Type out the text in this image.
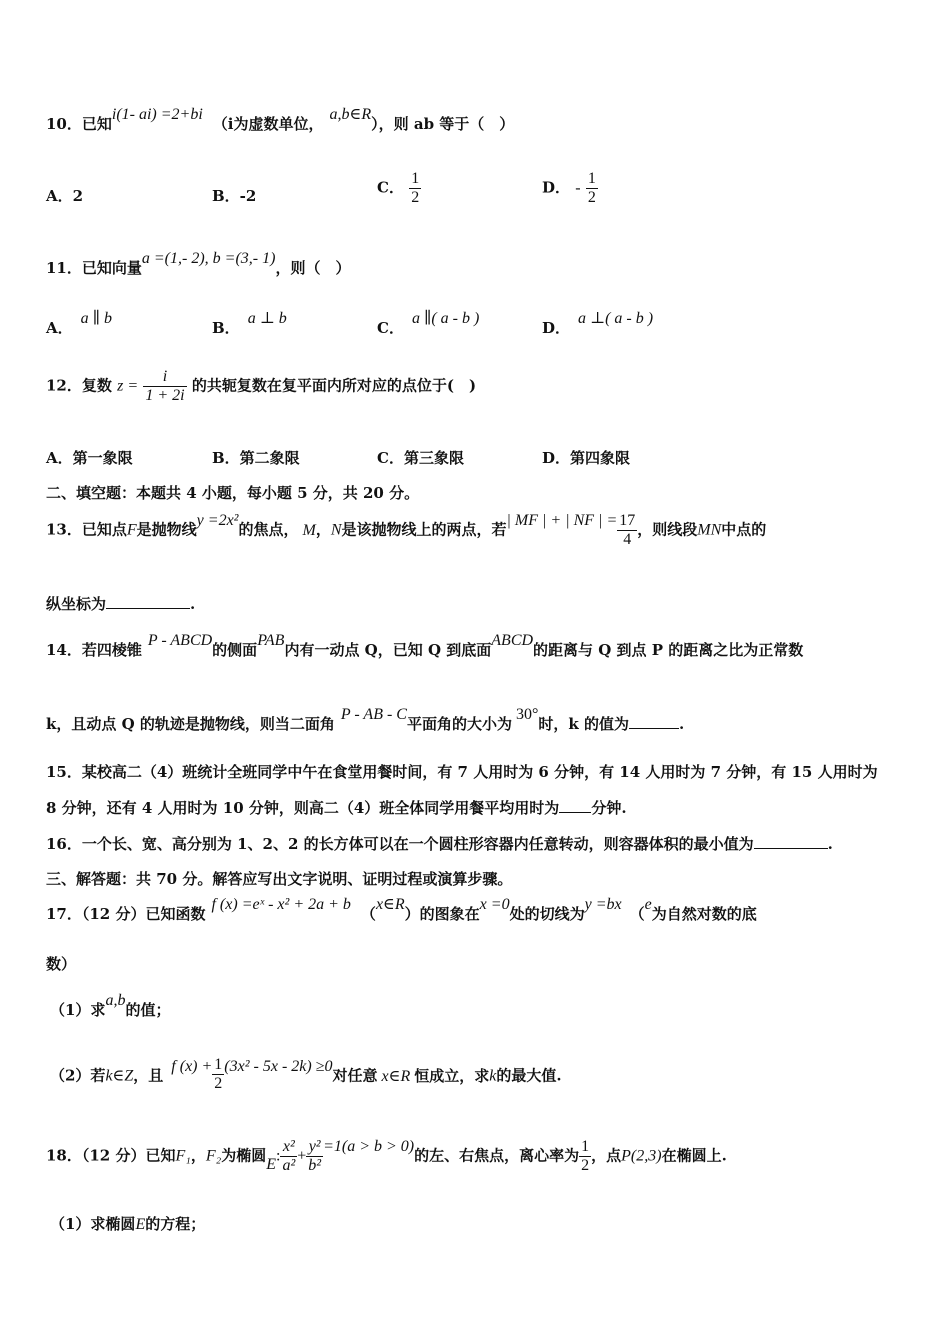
10．已知i(1- ai) =2+bi（i为虚数单位，a,b∈R），则 ab 等于（　）
A．2	B．-2	C． $\frac{1}{2}$	D． - $\frac{1}{2}$
11．已知向量a =(1,- 2), b =(3,- 1)，则（　）
A．a ∥ b
B．a ⊥ b
C．a ∥( a - b )
D．a ⊥( a - b )
12．复数 $z = \frac{i}{1 + 2i}$ 的共轭复数在复平面内所对应的点位于(　)
A．第一象限	B．第二象限	C．第三象限	D．第四象限
二、填空题：本题共 4 小题，每小题 5 分，共 20 分。
13．已知点F是抛物线y =2x²的焦点， M，N是该抛物线上的两点，若| MF | + | NF | = $\frac{17}{4}$ ，则线段MN中点的
纵坐标为	.
14．若四棱锥P - ABCD的侧面PAB内有一动点 Q，已知 Q 到底面ABCD的距离与 Q 到点 P 的距离之比为正常数
k，且动点 Q 的轨迹是抛物线，则当二面角P - AB - C平面角的大小为30°时，k 的值为	.
15．某校高二（4）班统计全班同学中午在食堂用餐时间，有 7 人用时为 6 分钟，有 14 人用时为 7 分钟，有 15 人用时为
8 分钟，还有 4 人用时为 10 分钟，则高二（4）班全体同学用餐平均用时为 分钟.
16．一个长、宽、高分别为 1、2、2 的长方体可以在一个圆柱形容器内任意转动，则容器体积的最小值为	.
三、解答题：共 70 分。解答应写出文字说明、证明过程或演算步骤。
17．（12 分）已知函数f (x) =eˣ - x² + 2a + b（x∈R）的图象在x =0处的切线为y =bx（e为自然对数的底
数）
（1）求a,b的值；
（2）若k∈Z，且f $(x) + \frac{1}{2} (3x^2 - 5x - 2k) \ge 0$对任意 x∈R 恒成立，求k的最大值.
18．（12 分）已知F₁，F₂为椭圆E: $\frac{\text{x²}}{\text{a²}} + \frac{\text{y²}}{\text{b²}} =1(a > b > 0)$的左、右焦点，离心率为 $\frac{1}{2}$ ，点P(2,3)在椭圆上.
（1）求椭圆E的方程；
